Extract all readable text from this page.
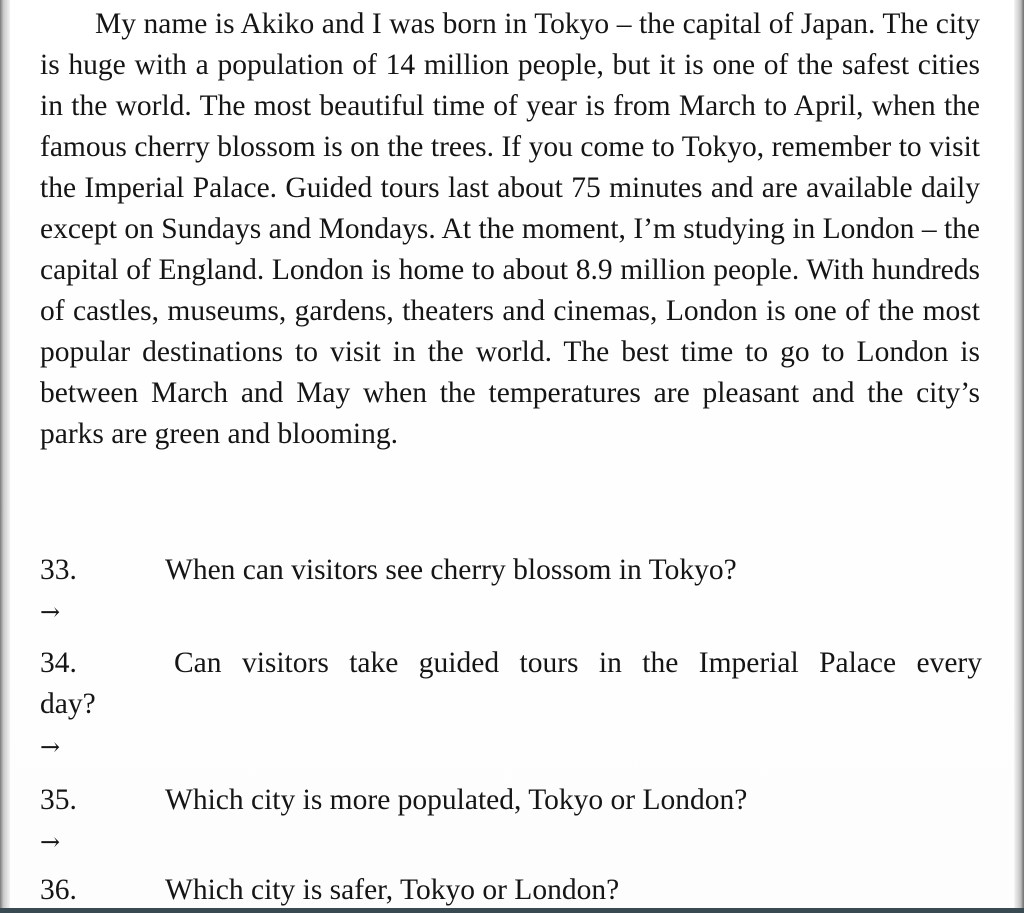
My name is Akiko and I was born in Tokyo – the capital of Japan. The city is huge with a population of 14 million people, but it is one of the safest cities in the world. The most beautiful time of year is from March to April, when the famous cherry blossom is on the trees. If you come to Tokyo, remember to visit the Imperial Palace. Guided tours last about 75 minutes and are available daily except on Sundays and Mondays. At the moment, I’m studying in London – the capital of England. London is home to about 8.9 million people. With hundreds of castles, museums, gardens, theaters and cinemas, London is one of the most popular destinations to visit in the world. The best time to go to London is between March and May when the temperatures are pleasant and the city’s parks are green and blooming.

33.	When can visitors see cherry blossom in Tokyo?

→

34.	Can visitors take guided tours in the Imperial Palace every day?

→

35.	Which city is more populated, Tokyo or London?

→

36.	Which city is safer, Tokyo or London?
